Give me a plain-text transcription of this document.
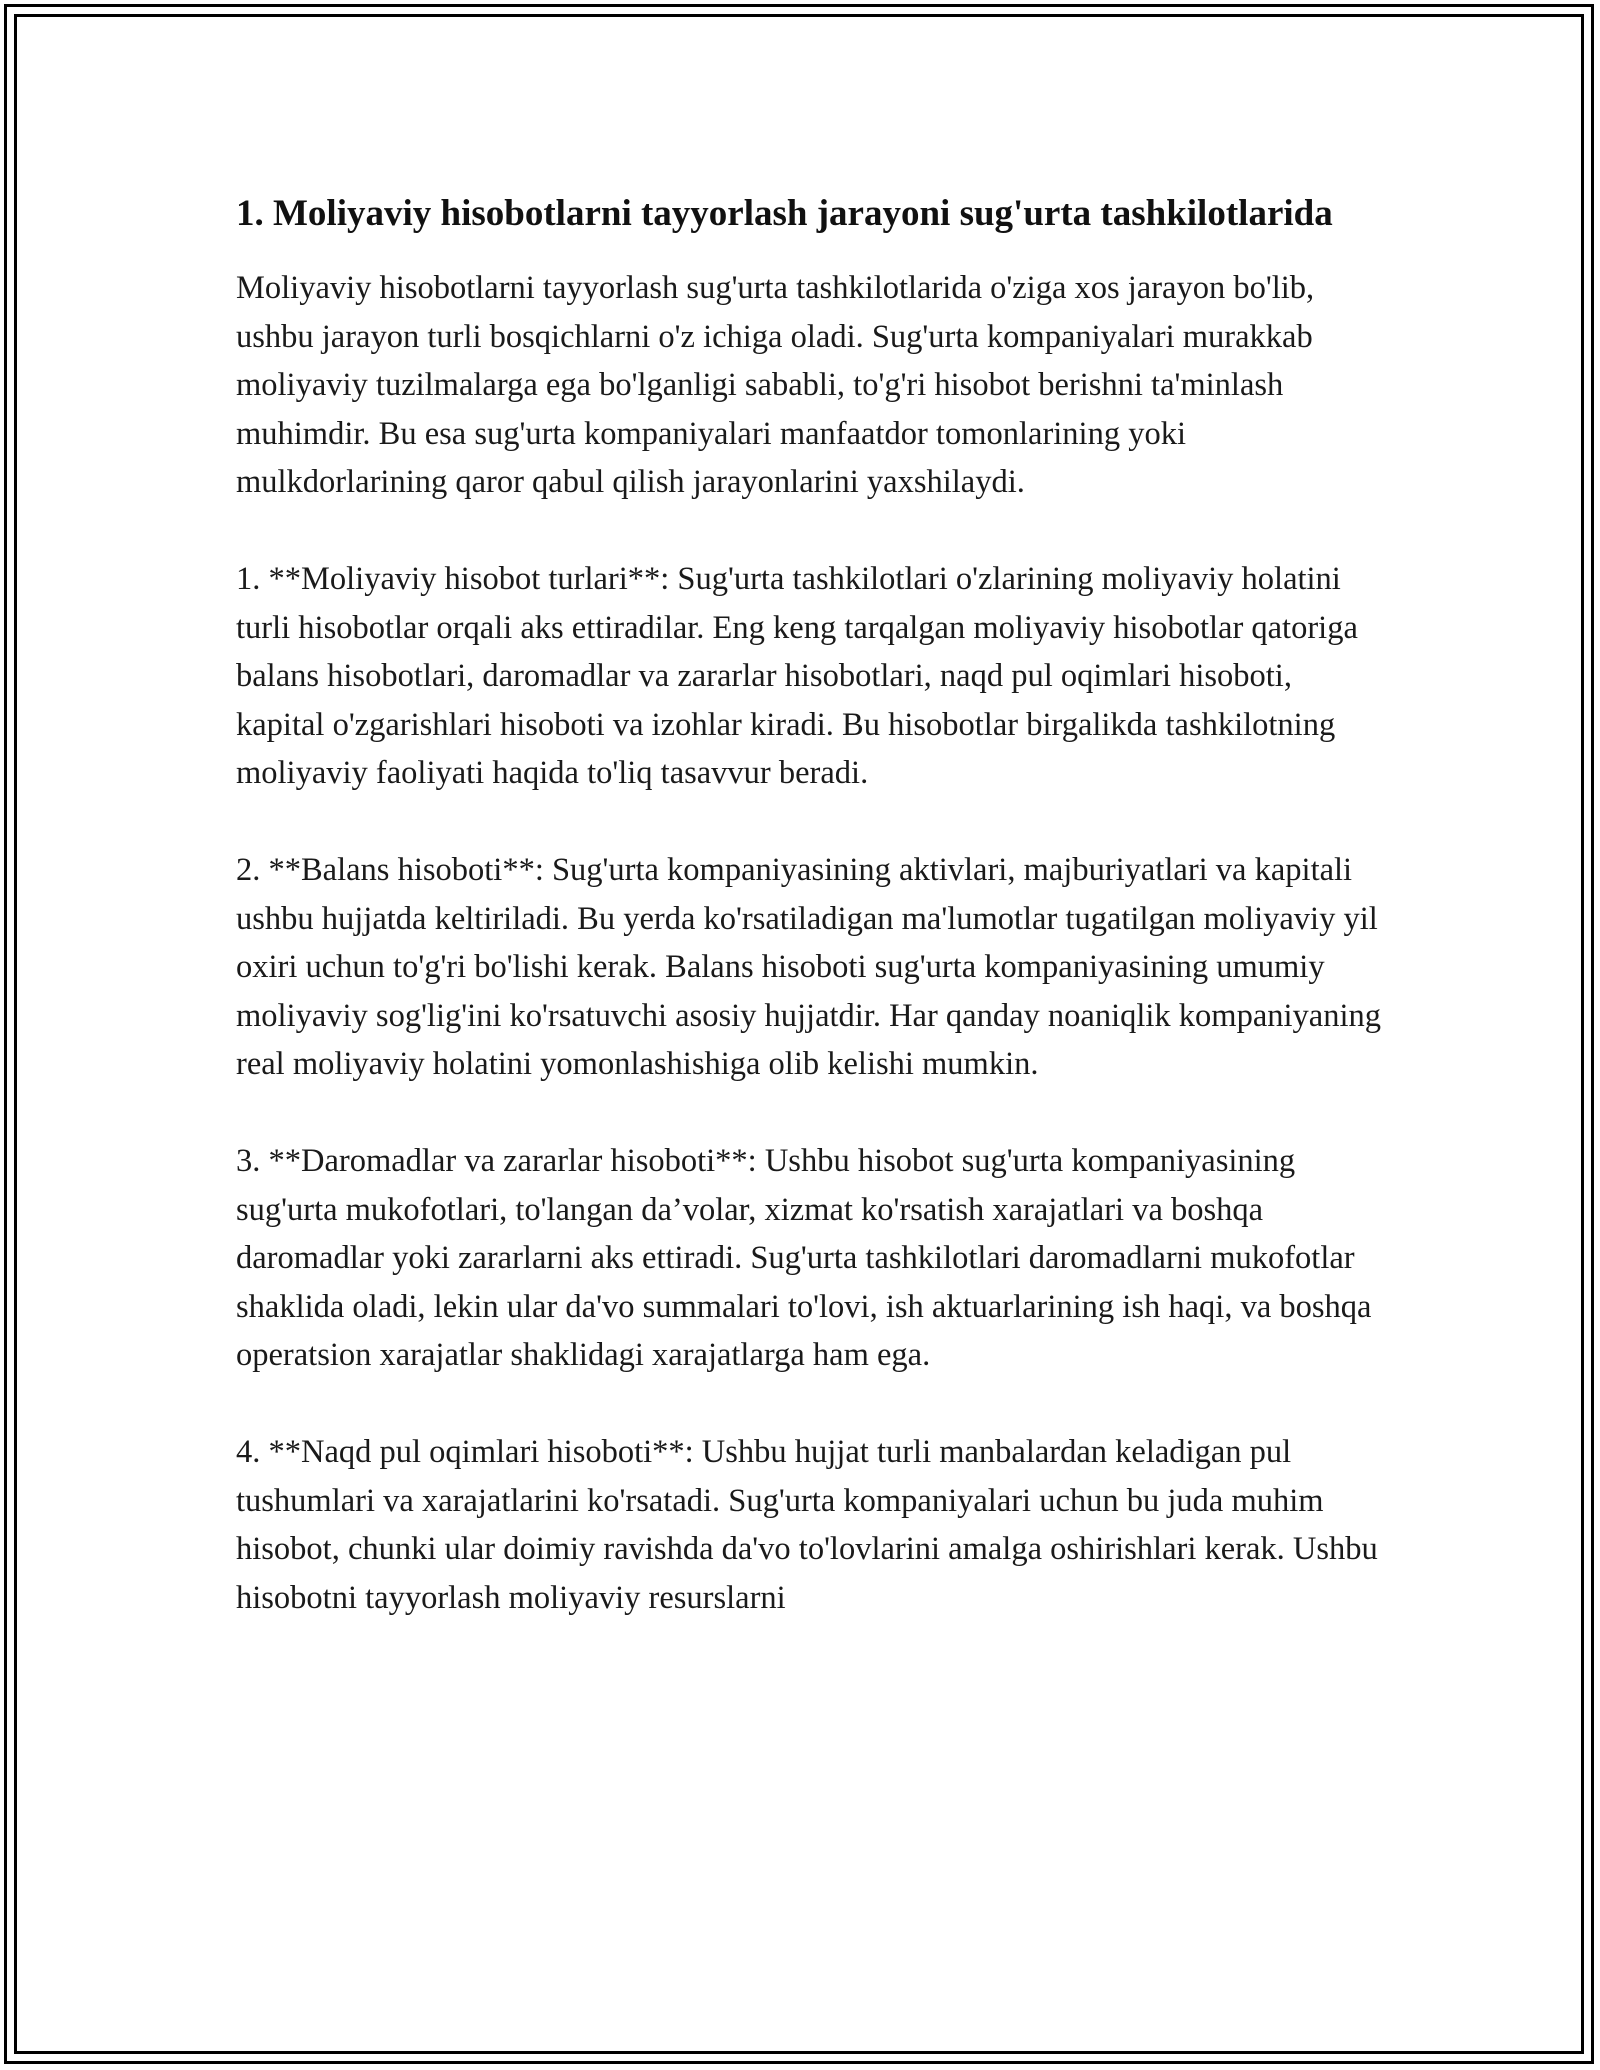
1. Moliyaviy hisobotlarni tayyorlash jarayoni sug'urta tashkilotlarida

Moliyaviy hisobotlarni tayyorlash sug'urta tashkilotlarida o'ziga xos jarayon bo'lib, ushbu jarayon turli bosqichlarni o'z ichiga oladi. Sug'urta kompaniyalari murakkab moliyaviy tuzilmalarga ega bo'lganligi sababli, to'g'ri hisobot berishni ta'minlash muhimdir. Bu esa sug'urta kompaniyalari manfaatdor tomonlarining yoki mulkdorlarining qaror qabul qilish jarayonlarini yaxshilaydi.

1. **Moliyaviy hisobot turlari**: Sug'urta tashkilotlari o'zlarining moliyaviy holatini turli hisobotlar orqali aks ettiradilar. Eng keng tarqalgan moliyaviy hisobotlar qatoriga balans hisobotlari, daromadlar va zararlar hisobotlari, naqd pul oqimlari hisoboti, kapital o'zgarishlari hisoboti va izohlar kiradi. Bu hisobotlar birgalikda tashkilotning moliyaviy faoliyati haqida to'liq tasavvur beradi.

2. **Balans hisoboti**: Sug'urta kompaniyasining aktivlari, majburiyatlari va kapitali ushbu hujjatda keltiriladi. Bu yerda ko'rsatiladigan ma'lumotlar tugatilgan moliyaviy yil oxiri uchun to'g'ri bo'lishi kerak. Balans hisoboti sug'urta kompaniyasining umumiy moliyaviy sog'lig'ini ko'rsatuvchi asosiy hujjatdir. Har qanday noaniqlik kompaniyaning real moliyaviy holatini yomonlashishiga olib kelishi mumkin.

3. **Daromadlar va zararlar hisoboti**: Ushbu hisobot sug'urta kompaniyasining sug'urta mukofotlari, to'langan da’volar, xizmat ko'rsatish xarajatlari va boshqa daromadlar yoki zararlarni aks ettiradi. Sug'urta tashkilotlari daromadlarni mukofotlar shaklida oladi, lekin ular da'vo summalari to'lovi, ish aktuarlarining ish haqi, va boshqa operatsion xarajatlar shaklidagi xarajatlarga ham ega.

4. **Naqd pul oqimlari hisoboti**: Ushbu hujjat turli manbalardan keladigan pul tushumlari va xarajatlarini ko'rsatadi. Sug'urta kompaniyalari uchun bu juda muhim hisobot, chunki ular doimiy ravishda da'vo to'lovlarini amalga oshirishlari kerak. Ushbu hisobotni tayyorlash moliyaviy resurslarni
